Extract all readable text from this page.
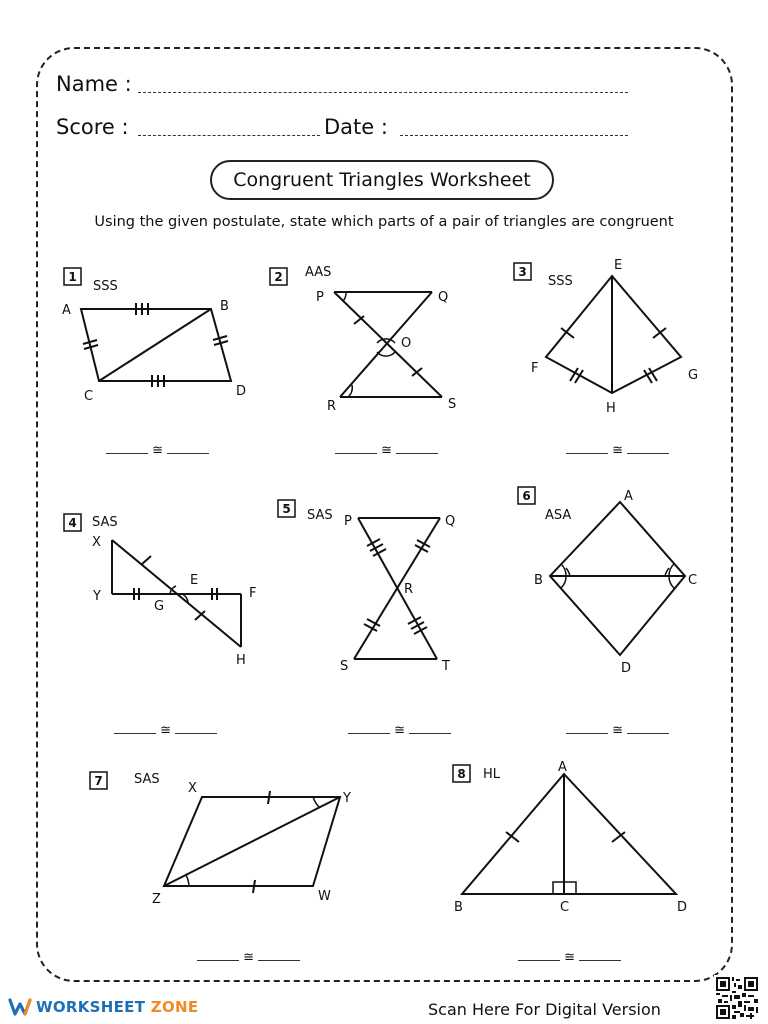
Name :
Score :	Date :
Congruent Triangles Worksheet
Using the given postulate, state which parts of a pair of triangles are congruent
1
SSS
A	B
C	D
2 AAS
P	Q
O
R	S
3
SSS
E
F	G
H
4 SAS
X
Y
E
G
F
H
5 SAS P	Q
R
S	T
6
ASA
A
B	C
D
7 SAS
X
Y
Z	W
8 HL	A
B	C	D
≅	≅	≅
≅	≅	≅
≅	≅
WORKSHEET ZONE	Scan Here For Digital Version
